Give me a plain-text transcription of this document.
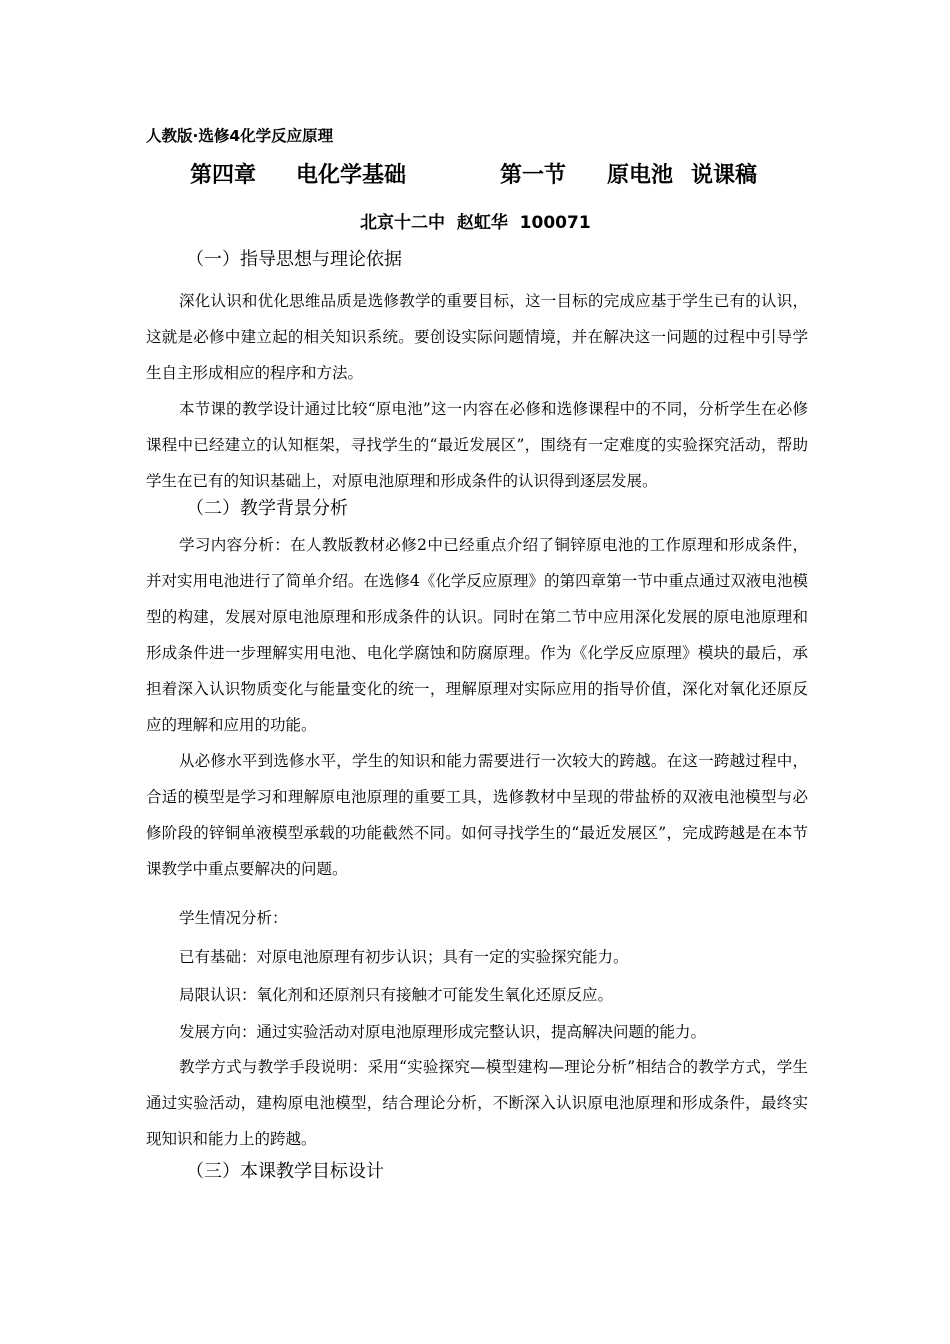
人教版·选修4化学反应原理
第四章 电化学基础	第一节 原电池 说课稿
北京十二中  赵虹华  100071
（一）指导思想与理论依据

深化认识和优化思维品质是选修教学的重要目标，这一目标的完成应基于学生已有的认识，这就是必修中建立起的相关知识系统。要创设实际问题情境，并在解决这一问题的过程中引导学生自主形成相应的程序和方法。

本节课的教学设计通过比较“原电池”这一内容在必修和选修课程中的不同，分析学生在必修课程中已经建立的认知框架，寻找学生的“最近发展区”，围绕有一定难度的实验探究活动，帮助学生在已有的知识基础上，对原电池原理和形成条件的认识得到逐层发展。

（二）教学背景分析

学习内容分析：在人教版教材必修2中已经重点介绍了铜锌原电池的工作原理和形成条件，并对实用电池进行了简单介绍。在选修4《化学反应原理》的第四章第一节中重点通过双液电池模型的构建，发展对原电池原理和形成条件的认识。同时在第二节中应用深化发展的原电池原理和形成条件进一步理解实用电池、电化学腐蚀和防腐原理。作为《化学反应原理》模块的最后，承担着深入认识物质变化与能量变化的统一，理解原理对实际应用的指导价值，深化对氧化还原反应的理解和应用的功能。

从必修水平到选修水平，学生的知识和能力需要进行一次较大的跨越。在这一跨越过程中，合适的模型是学习和理解原电池原理的重要工具，选修教材中呈现的带盐桥的双液电池模型与必修阶段的锌铜单液模型承载的功能截然不同。如何寻找学生的“最近发展区”，完成跨越是在本节课教学中重点要解决的问题。

学生情况分析：
已有基础：对原电池原理有初步认识；具有一定的实验探究能力。
局限认识：氧化剂和还原剂只有接触才可能发生氧化还原反应。
发展方向：通过实验活动对原电池原理形成完整认识，提高解决问题的能力。

教学方式与教学手段说明：采用“实验探究—模型建构—理论分析”相结合的教学方式，学生通过实验活动，建构原电池模型，结合理论分析，不断深入认识原电池原理和形成条件，最终实现知识和能力上的跨越。

（三）本课教学目标设计
